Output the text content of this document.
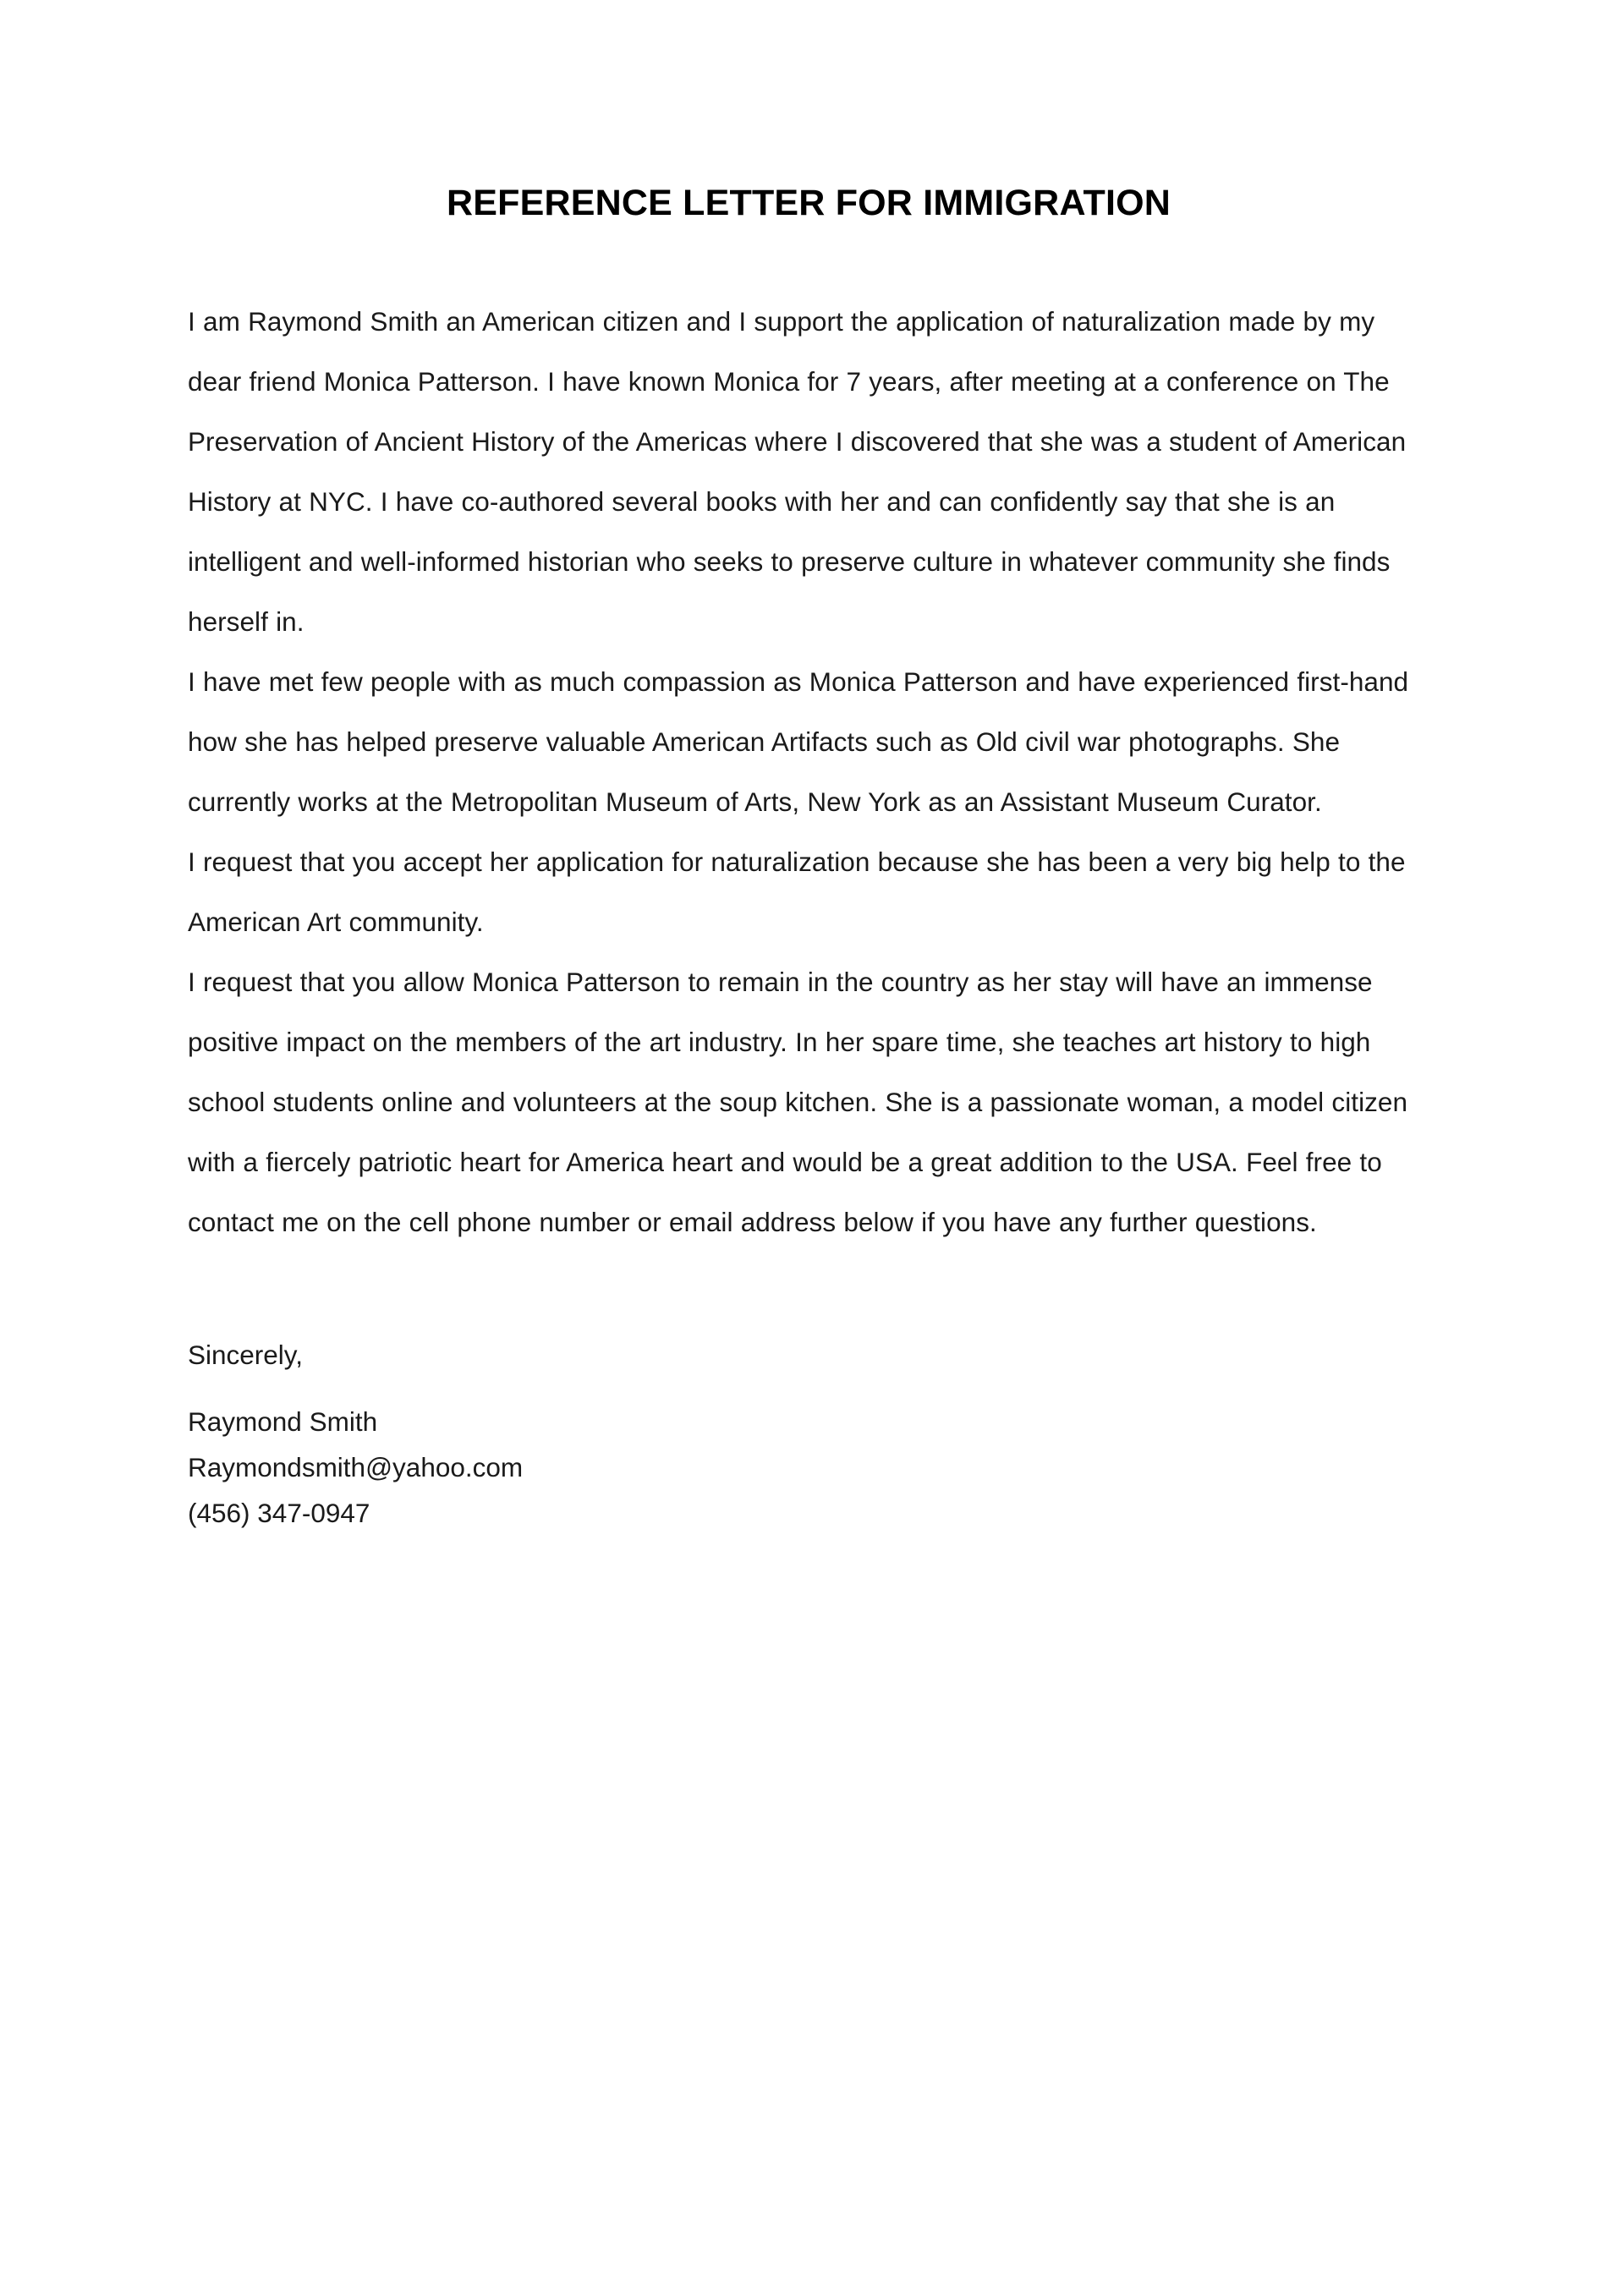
REFERENCE LETTER FOR IMMIGRATION

I am Raymond Smith an American citizen and I support the application of naturalization made by my dear friend Monica Patterson. I have known Monica for 7 years, after meeting at a conference on The Preservation of Ancient History of the Americas where I discovered that she was a student of American History at NYC. I have co-authored several books with her and can confidently say that she is an intelligent and well-informed historian who seeks to preserve culture in whatever community she finds herself in.

I have met few people with as much compassion as Monica Patterson and have experienced first-hand how she has helped preserve valuable American Artifacts such as Old civil war photographs. She currently works at the Metropolitan Museum of Arts, New York as an Assistant Museum Curator.

I request that you accept her application for naturalization because she has been a very big help to the American Art community.

I request that you allow Monica Patterson to remain in the country as her stay will have an immense positive impact on the members of the art industry. In her spare time, she teaches art history to high school students online and volunteers at the soup kitchen. She is a passionate woman, a model citizen with a fiercely patriotic heart for America heart and would be a great addition to the USA. Feel free to contact me on the cell phone number or email address below if you have any further questions.

Sincerely,

Raymond Smith

Raymondsmith@yahoo.com

(456) 347-0947
